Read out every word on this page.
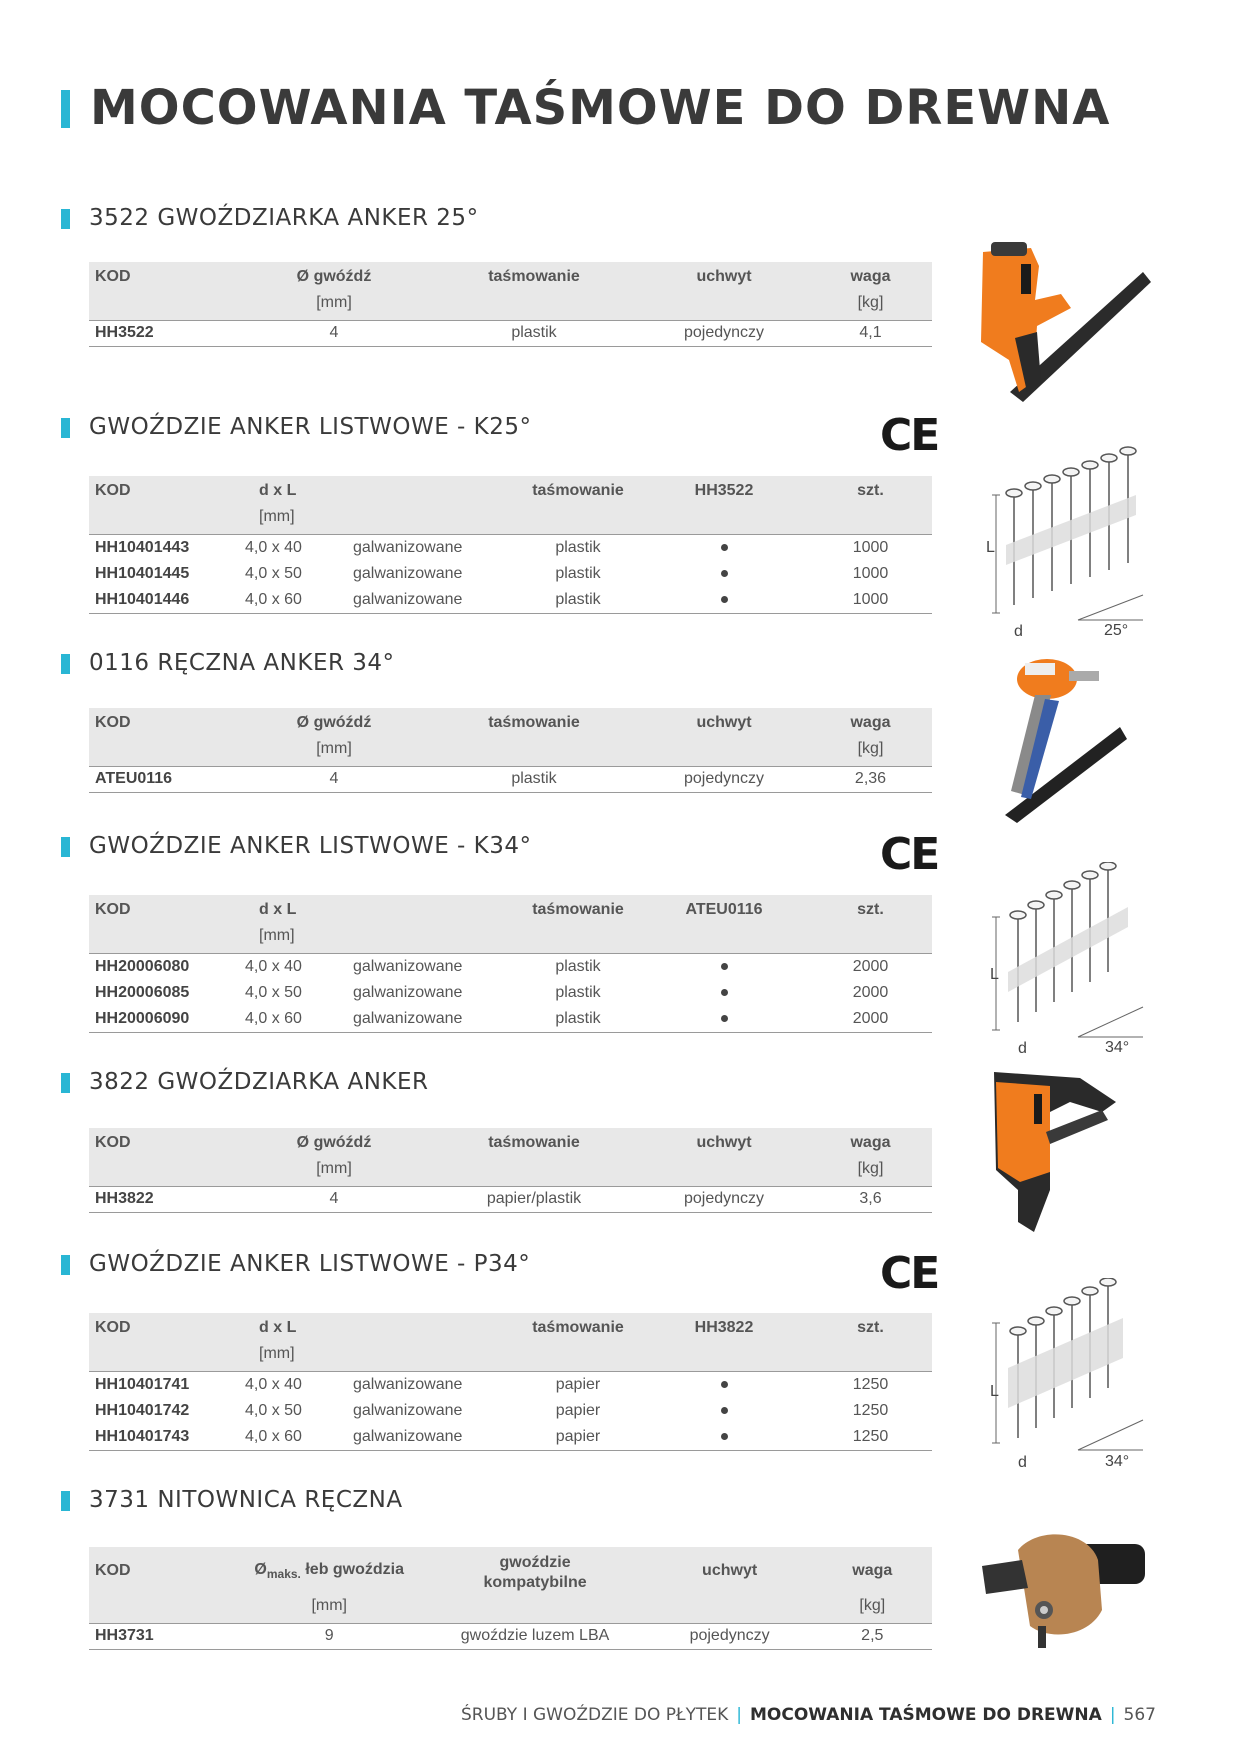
MOCOWANIA TAŚMOWE DO DREWNA
3522 GWOŹDZIARKA ANKER 25°
KOD	Ø gwóźdź	taśmowanie	uchwyt	waga
	[mm]			[kg]
HH3522	4	plastik	pojedynczy	4,1
GWOŹDZIE ANKER LISTWOWE - K25°	CE
KOD	d x L		taśmowanie	HH3522	szt.
	[mm]				
HH10401443	4,0 x 40	galwanizowane	plastik		1000
HH10401445	4,0 x 50	galwanizowane	plastik		1000
HH10401446	4,0 x 60	galwanizowane	plastik		1000
0116 RĘCZNA ANKER 34°
KOD	Ø gwóźdź	taśmowanie	uchwyt	waga
	[mm]			[kg]
ATEU0116	4	plastik	pojedynczy	2,36
GWOŹDZIE ANKER LISTWOWE - K34°	CE
KOD	d x L		taśmowanie	ATEU0116	szt.
	[mm]				
HH20006080	4,0 x 40	galwanizowane	plastik		2000
HH20006085	4,0 x 50	galwanizowane	plastik		2000
HH20006090	4,0 x 60	galwanizowane	plastik		2000
3822 GWOŹDZIARKA ANKER
KOD	Ø gwóźdź	taśmowanie	uchwyt	waga
	[mm]			[kg]
HH3822	4	papier/plastik	pojedynczy	3,6
GWOŹDZIE ANKER LISTWOWE - P34°	CE
KOD	d x L		taśmowanie	HH3822	szt.
	[mm]				
HH10401741	4,0 x 40	galwanizowane	papier		1250
HH10401742	4,0 x 50	galwanizowane	papier		1250
HH10401743	4,0 x 60	galwanizowane	papier		1250
3731 NITOWNICA RĘCZNA
KOD	$Ø_{maks.}$ łeb gwoździa	gwoździe kompatybilne	uchwyt	waga
	[mm]			[kg]
HH3731	9	gwoździe luzem LBA	pojedynczy	2,5
L
d	25°
L
d	34°
L
d	34°
ŚRUBY I GWOŹDZIE DO PŁYTEK | MOCOWANIA TAŚMOWE DO DREWNA | 567
